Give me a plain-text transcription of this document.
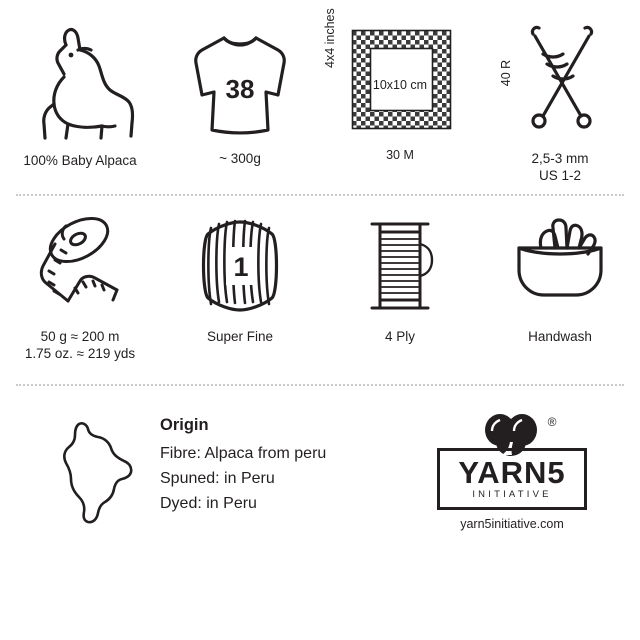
100% Baby Alpaca
38
~ 300g
4x4 inches
40 R
10x10 cm
30 M	2,5-3 mm
US 1-2
50 g ≈ 200 m
1.75 oz. ≈ 219 yds
1
Super Fine	4 Ply	Handwash
Origin
Fibre: Alpaca from peru
Spuned: in Peru
Dyed: in Peru
®
YARN5
INITIATIVE
yarn5initiative.com
